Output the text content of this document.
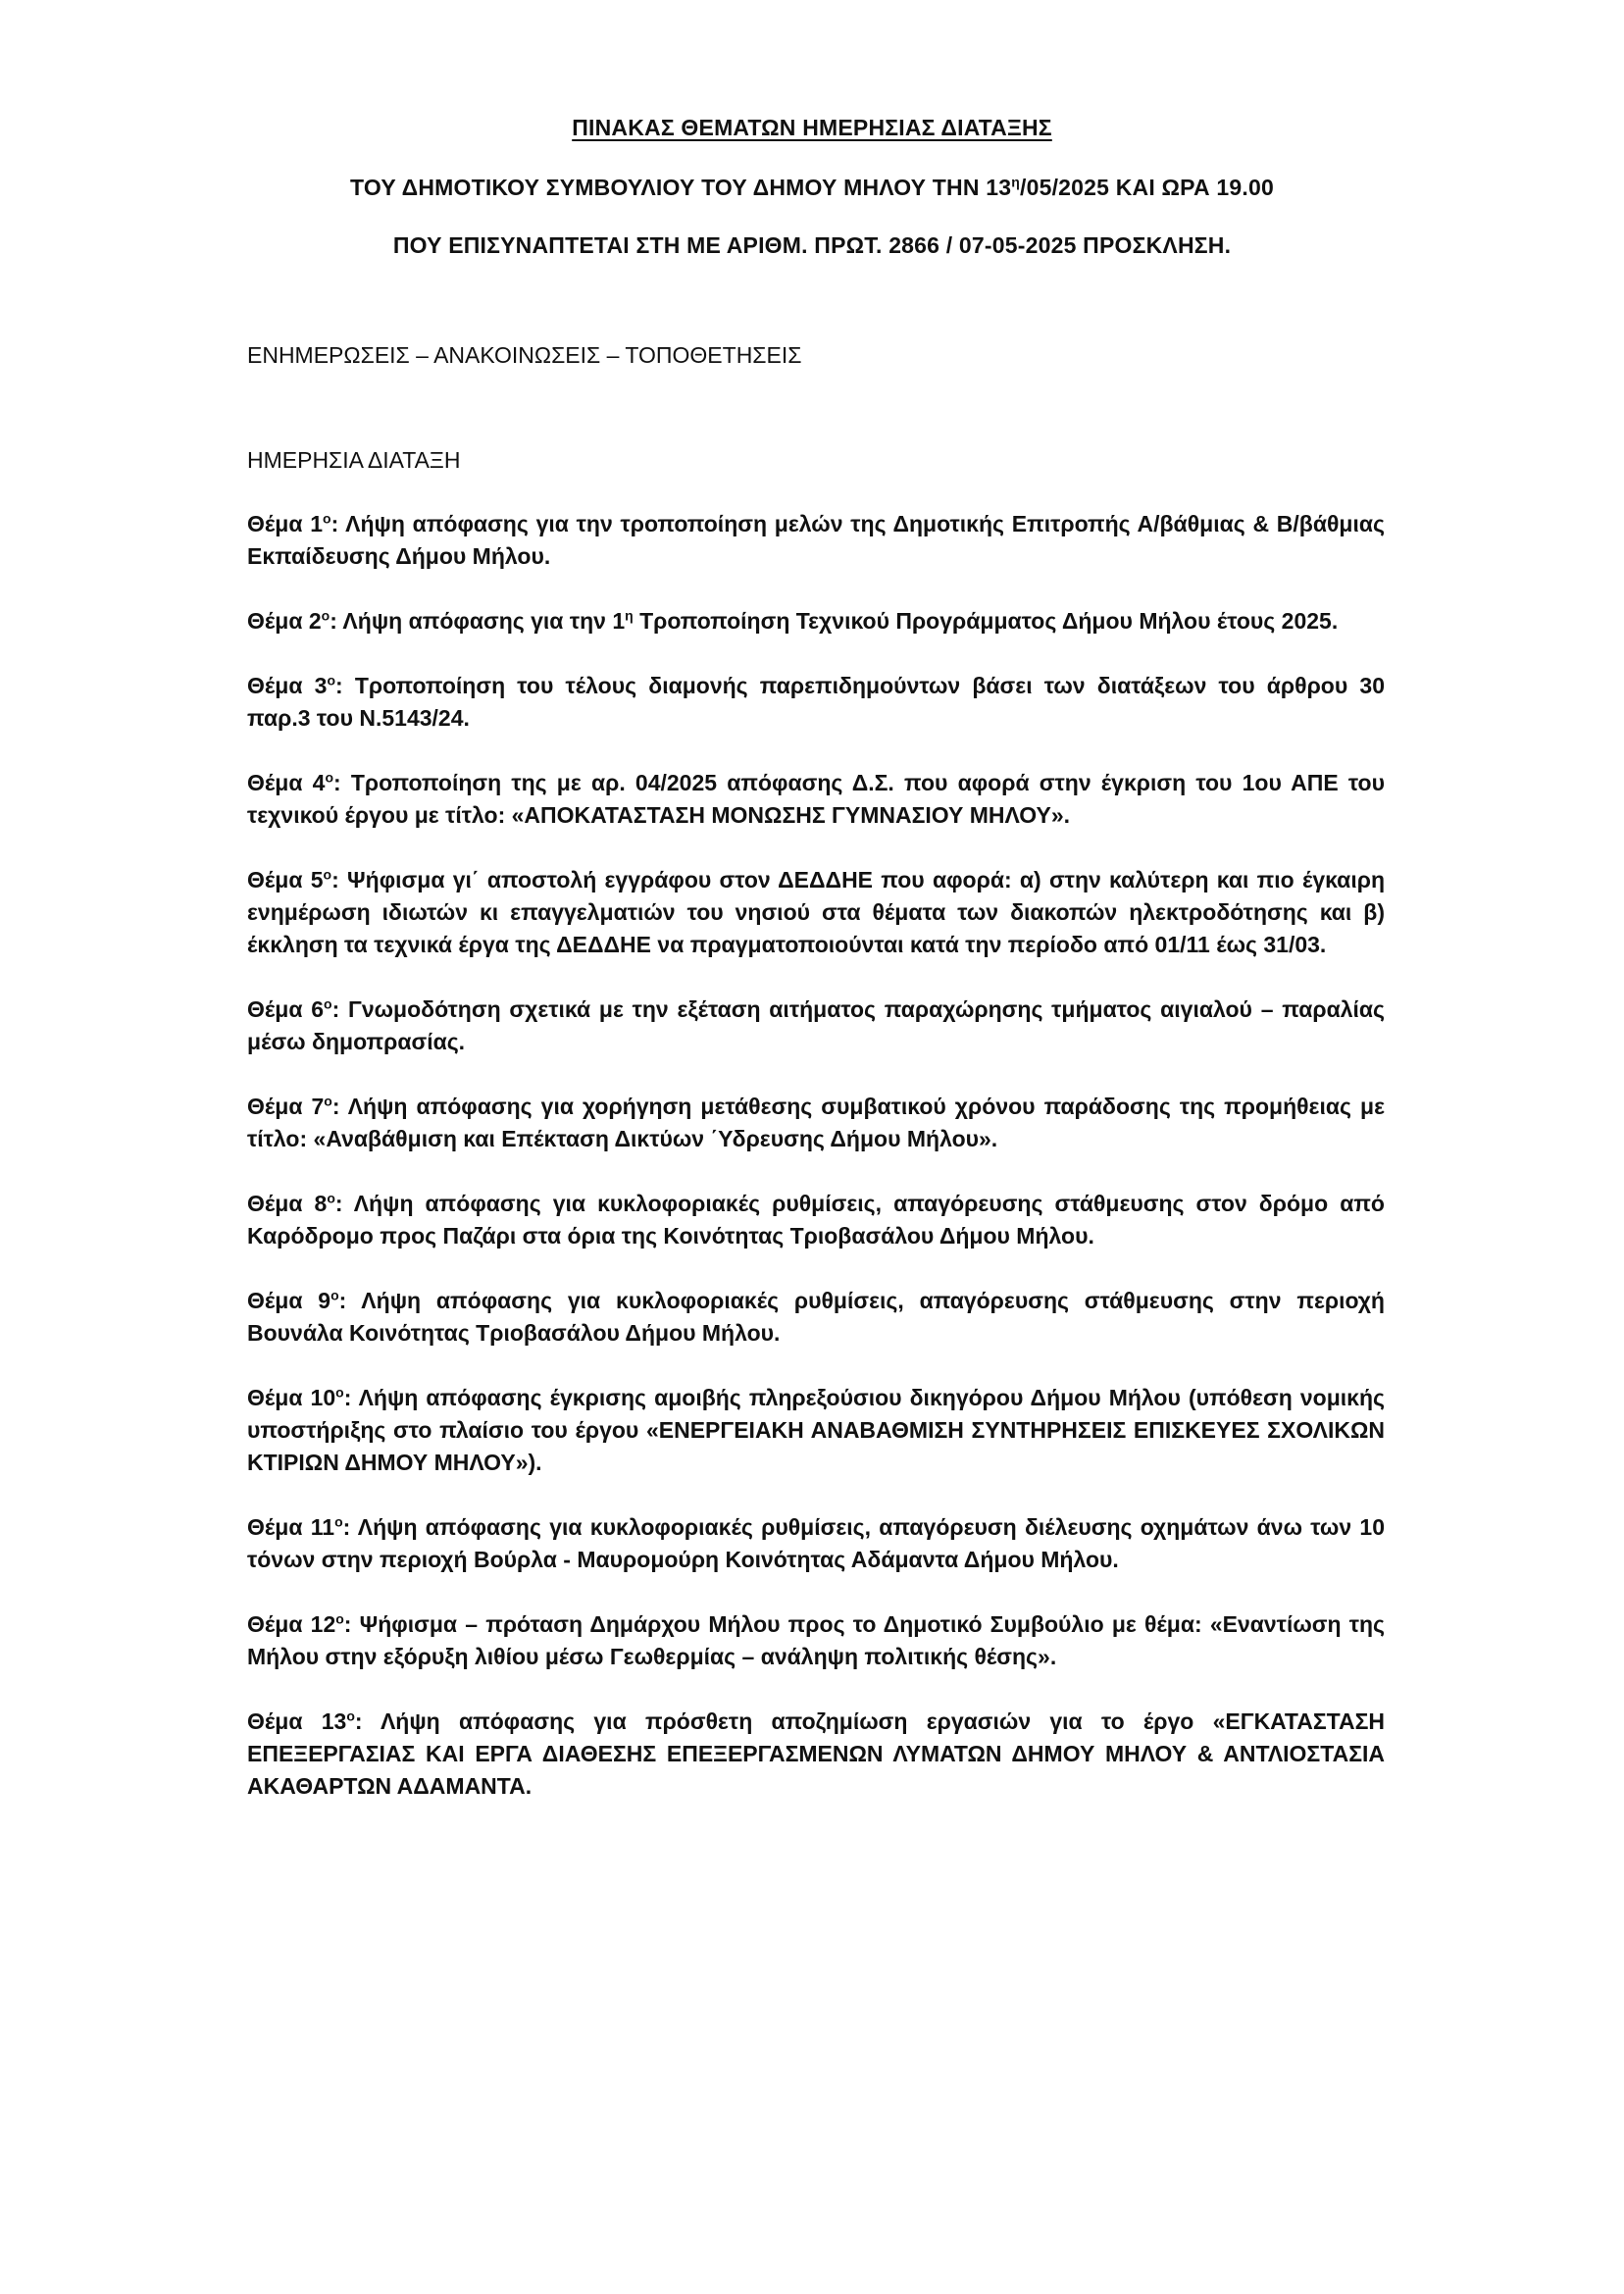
ΠΙΝΑΚΑΣ ΘΕΜΑΤΩΝ ΗΜΕΡΗΣΙΑΣ ΔΙΑΤΑΞΗΣ
ΤΟΥ ΔΗΜΟΤΙΚΟΥ ΣΥΜΒΟΥΛΙΟΥ ΤΟΥ ΔΗΜΟΥ ΜΗΛΟΥ ΤΗΝ $13^\eta/05/2025$ ΚΑΙ ΩΡΑ 19.00
ΠΟΥ ΕΠΙΣΥΝΑΠΤΕΤΑΙ ΣΤΗ ΜΕ ΑΡΙΘΜ. ΠΡΩΤ. 2866 / 07-05-2025 ΠΡΟΣΚΛΗΣΗ.
ΕΝΗΜΕΡΩΣΕΙΣ – ΑΝΑΚΟΙΝΩΣΕΙΣ – ΤΟΠΟΘΕΤΗΣΕΙΣ
ΗΜΕΡΗΣΙΑ ΔΙΑΤΑΞΗ

Θέμα $1^o$: Λήψη απόφασης για την τροποποίηση μελών της Δημοτικής Επιτροπής Α/βάθμιας & Β/βάθμιας Εκπαίδευσης Δήμου Μήλου.

Θέμα $2^o$: Λήψη απόφασης για την $1^\eta$ Τροποποίηση Τεχνικού Προγράμματος Δήμου Μήλου έτους 2025.

Θέμα $3^o$: Τροποποίηση του τέλους διαμονής παρεπιδημούντων βάσει των διατάξεων του άρθρου 30 παρ.3 του Ν.5143/24.

Θέμα $4^o$: Τροποποίηση της με αρ. 04/2025 απόφασης Δ.Σ. που αφορά στην έγκριση του 1ου ΑΠΕ του τεχνικού έργου με τίτλο: «ΑΠΟΚΑΤΑΣΤΑΣΗ ΜΟΝΩΣΗΣ ΓΥΜΝΑΣΙΟΥ ΜΗΛΟΥ».

Θέμα $5^o$: Ψήφισμα γι΄ αποστολή εγγράφου στον ΔΕΔΔΗΕ που αφορά: α) στην καλύτερη και πιο έγκαιρη ενημέρωση ιδιωτών κι επαγγελματιών του νησιού στα θέματα των διακοπών ηλεκτροδότησης και β) έκκληση τα τεχνικά έργα της ΔΕΔΔΗΕ να πραγματοποιούνται κατά την περίοδο από 01/11 έως 31/03.

Θέμα $6^o$: Γνωμοδότηση σχετικά με την εξέταση αιτήματος παραχώρησης τμήματος αιγιαλού – παραλίας μέσω δημοπρασίας.

Θέμα $7^o$: Λήψη απόφασης για χορήγηση μετάθεσης συμβατικού χρόνου παράδοσης της προμήθειας με τίτλο: «Αναβάθμιση και Επέκταση Δικτύων ΄Υδρευσης Δήμου Μήλου».

Θέμα $8^o$: Λήψη απόφασης για κυκλοφοριακές ρυθμίσεις, απαγόρευσης στάθμευσης στον δρόμο από Καρόδρομο προς Παζάρι στα όρια της Κοινότητας Τριοβασάλου Δήμου Μήλου.

Θέμα $9^o$: Λήψη απόφασης για κυκλοφοριακές ρυθμίσεις, απαγόρευσης στάθμευσης στην περιοχή Βουνάλα Κοινότητας Τριοβασάλου Δήμου Μήλου.

Θέμα $10^o$: Λήψη απόφασης έγκρισης αμοιβής πληρεξούσιου δικηγόρου Δήμου Μήλου (υπόθεση νομικής υποστήριξης στο πλαίσιο του έργου «ΕΝΕΡΓΕΙΑΚΗ ΑΝΑΒΑΘΜΙΣΗ ΣΥΝΤΗΡΗΣΕΙΣ ΕΠΙΣΚΕΥΕΣ ΣΧΟΛΙΚΩΝ ΚΤΙΡΙΩΝ ΔΗΜΟΥ ΜΗΛΟΥ»).

Θέμα $11^o$: Λήψη απόφασης για κυκλοφοριακές ρυθμίσεις, απαγόρευση διέλευσης οχημάτων άνω των 10 τόνων στην περιοχή Βούρλα - Μαυρομούρη Κοινότητας Αδάμαντα Δήμου Μήλου.

Θέμα $12^o$: Ψήφισμα – πρόταση Δημάρχου Μήλου προς το Δημοτικό Συμβούλιο με θέμα: «Εναντίωση της Μήλου στην εξόρυξη λιθίου μέσω Γεωθερμίας – ανάληψη πολιτικής θέσης».

Θέμα $13^o$: Λήψη απόφασης για πρόσθετη αποζημίωση εργασιών για το έργο «ΕΓΚΑΤΑΣΤΑΣΗ ΕΠΕΞΕΡΓΑΣΙΑΣ ΚΑΙ ΕΡΓΑ ΔΙΑΘΕΣΗΣ ΕΠΕΞΕΡΓΑΣΜΕΝΩΝ ΛΥΜΑΤΩΝ ΔΗΜΟΥ ΜΗΛΟΥ & ΑΝΤΛΙΟΣΤΑΣΙΑ ΑΚΑΘΑΡΤΩΝ ΑΔΑΜΑΝΤΑ.
